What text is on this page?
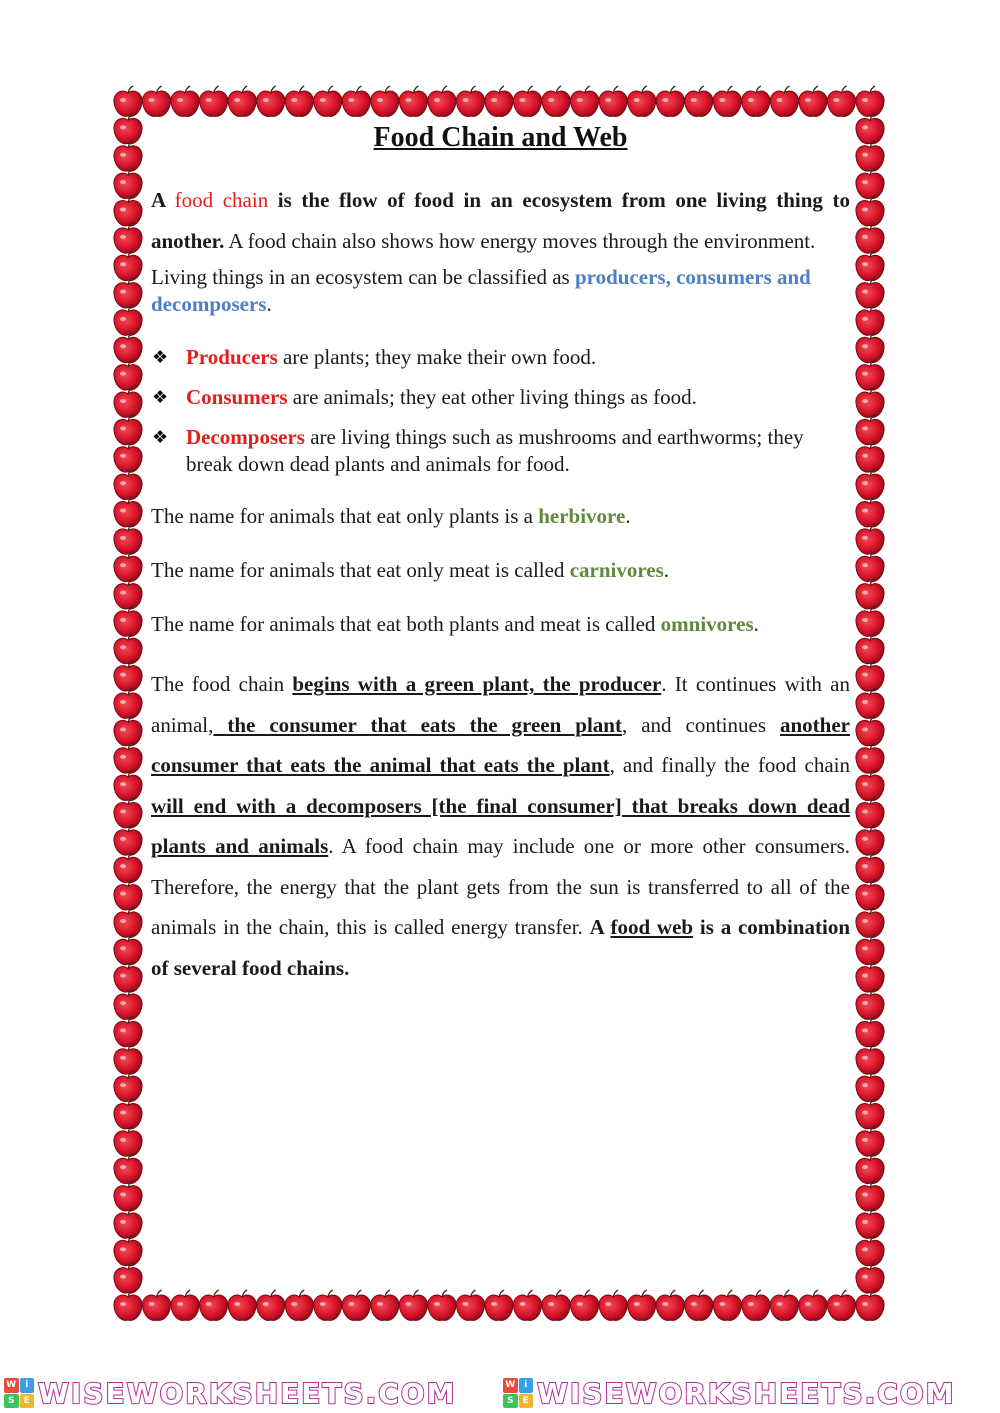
Food Chain and Web

A food chain is the flow of food in an ecosystem from one living thing to another. A food chain also shows how energy moves through the environment.

Living things in an ecosystem can be classified as producers, consumers and decomposers.

❖ Producers are plants; they make their own food.
❖ Consumers are animals; they eat other living things as food.
❖ Decomposers are living things such as mushrooms and earthworms; they break down dead plants and animals for food.

The name for animals that eat only plants is a herbivore.

The name for animals that eat only meat is called carnivores.

The name for animals that eat both plants and meat is called omnivores.

The food chain begins with a green plant, the producer. It continues with an animal, the consumer that eats the green plant, and continues another consumer that eats the animal that eats the plant, and finally the food chain will end with a decomposers [the final consumer] that breaks down dead plants and animals. A food chain may include one or more other consumers. Therefore, the energy that the plant gets from the sun is transferred to all of the animals in the chain, this is called energy transfer. A food web is a combination of several food chains.

W i
S	E WISEWORKSHEETS.COM	W i
S	E WISEWORKSHEETS.COM
